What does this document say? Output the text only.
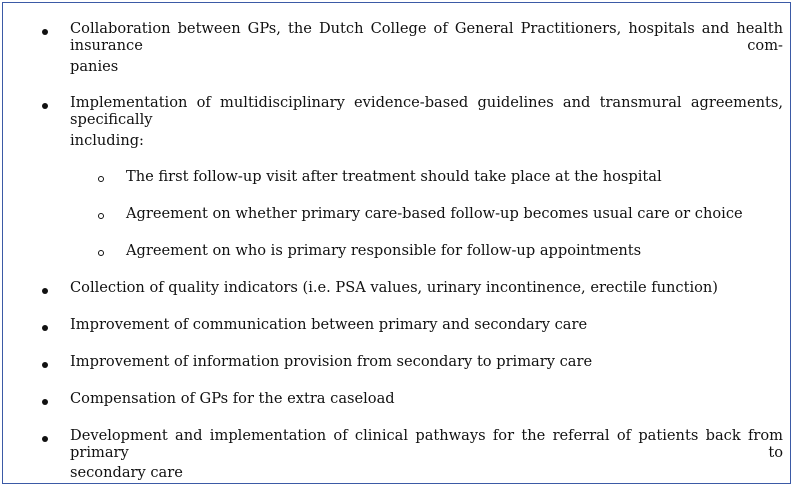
Collaboration between GPs, the Dutch College of General Practitioners, hospitals and health insurance com-
panies
Implementation of multidisciplinary evidence-based guidelines and transmural agreements, specifically
including:
The first follow-up visit after treatment should take place at the hospital
Agreement on whether primary care-based follow-up becomes usual care or choice
Agreement on who is primary responsible for follow-up appointments
Collection of quality indicators (i.e. PSA values, urinary incontinence, erectile function)
Improvement of communication between primary and secondary care
Improvement of information provision from secondary to primary care
Compensation of GPs for the extra caseload
Development and implementation of clinical pathways for the referral of patients back from primary to
secondary care
